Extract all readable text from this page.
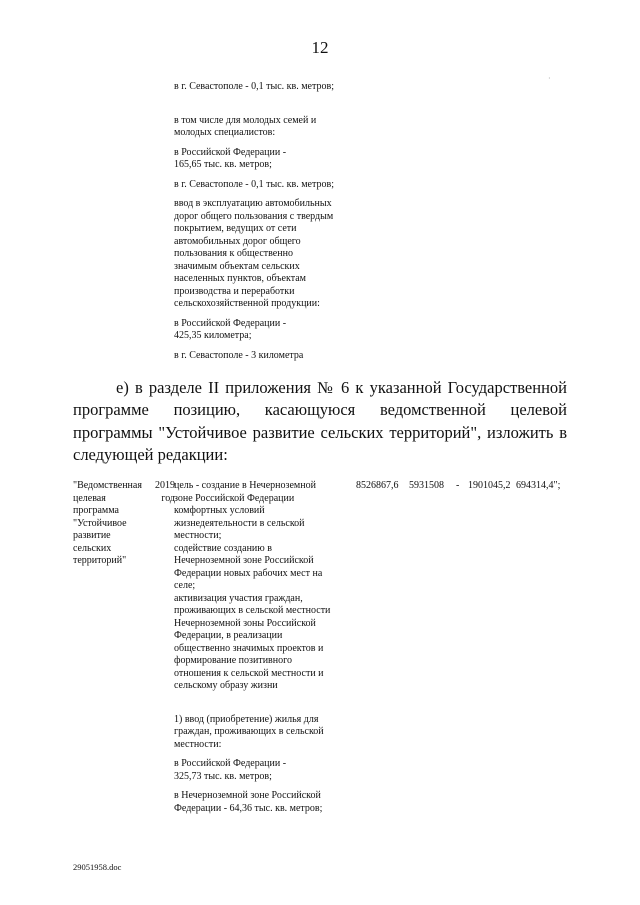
12
·

в г. Севастополе - 0,1 тыс. кв. метров;

в том числе для молодых семей и

молодых специалистов:

в Российской Федерации -

165,65 тыс. кв. метров;

в г. Севастополе - 0,1 тыс. кв. метров;

ввод в эксплуатацию автомобильных

дорог общего пользования с твердым

покрытием, ведущих от сети

автомобильных дорог общего

пользования к общественно

значимым объектам сельских

населенных пунктов, объектам

производства и переработки

сельскохозяйственной продукции:

в Российской Федерации -

425,35 километра;

в г. Севастополе - 3 километра

е) в разделе II приложения № 6 к указанной Государственной программе позицию, касающуюся ведомственной целевой программы "Устойчивое развитие сельских территорий", изложить в следующей редакции:

"Ведомственная

целевая

программа

"Устойчивое

развитие

сельских

территорий"

2019

год

цель - создание в Нечерноземной

зоне Российской Федерации

комфортных условий

жизнедеятельности в сельской

местности;

содействие созданию в

Нечерноземной зоне Российской

Федерации новых рабочих мест на

селе;

активизация участия граждан,

проживающих в сельской местности

Нечерноземной зоны Российской

Федерации, в реализации

общественно значимых проектов и

формирование позитивного

отношения к сельской местности и

сельскому образу жизни

1) ввод (приобретение) жилья для

граждан, проживающих в сельской

местности:

в Российской Федерации -

325,73 тыс. кв. метров;

в Нечерноземной зоне Российской

Федерации - 64,36 тыс. кв. метров;

8526867,6 5931508 - 1901045,2 694314,4";
29051958.doc
